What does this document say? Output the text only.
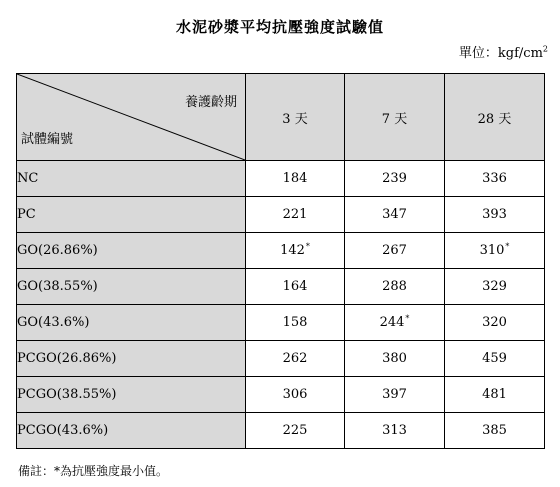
水泥砂漿平均抗壓強度試驗值
單位：kgf/$cm^2$
養護齡期
試體編號	3 天	7 天	28 天
NC	184	239	336
PC	221	347	393
GO(26.86%)	142*	267	310*
GO(38.55%)	164	288	329
GO(43.6%)	158	244*	320
PCGO(26.86%)	262	380	459
PCGO(38.55%)	306	397	481
PCGO(43.6%)	225	313	385
備註：*為抗壓強度最小值。
